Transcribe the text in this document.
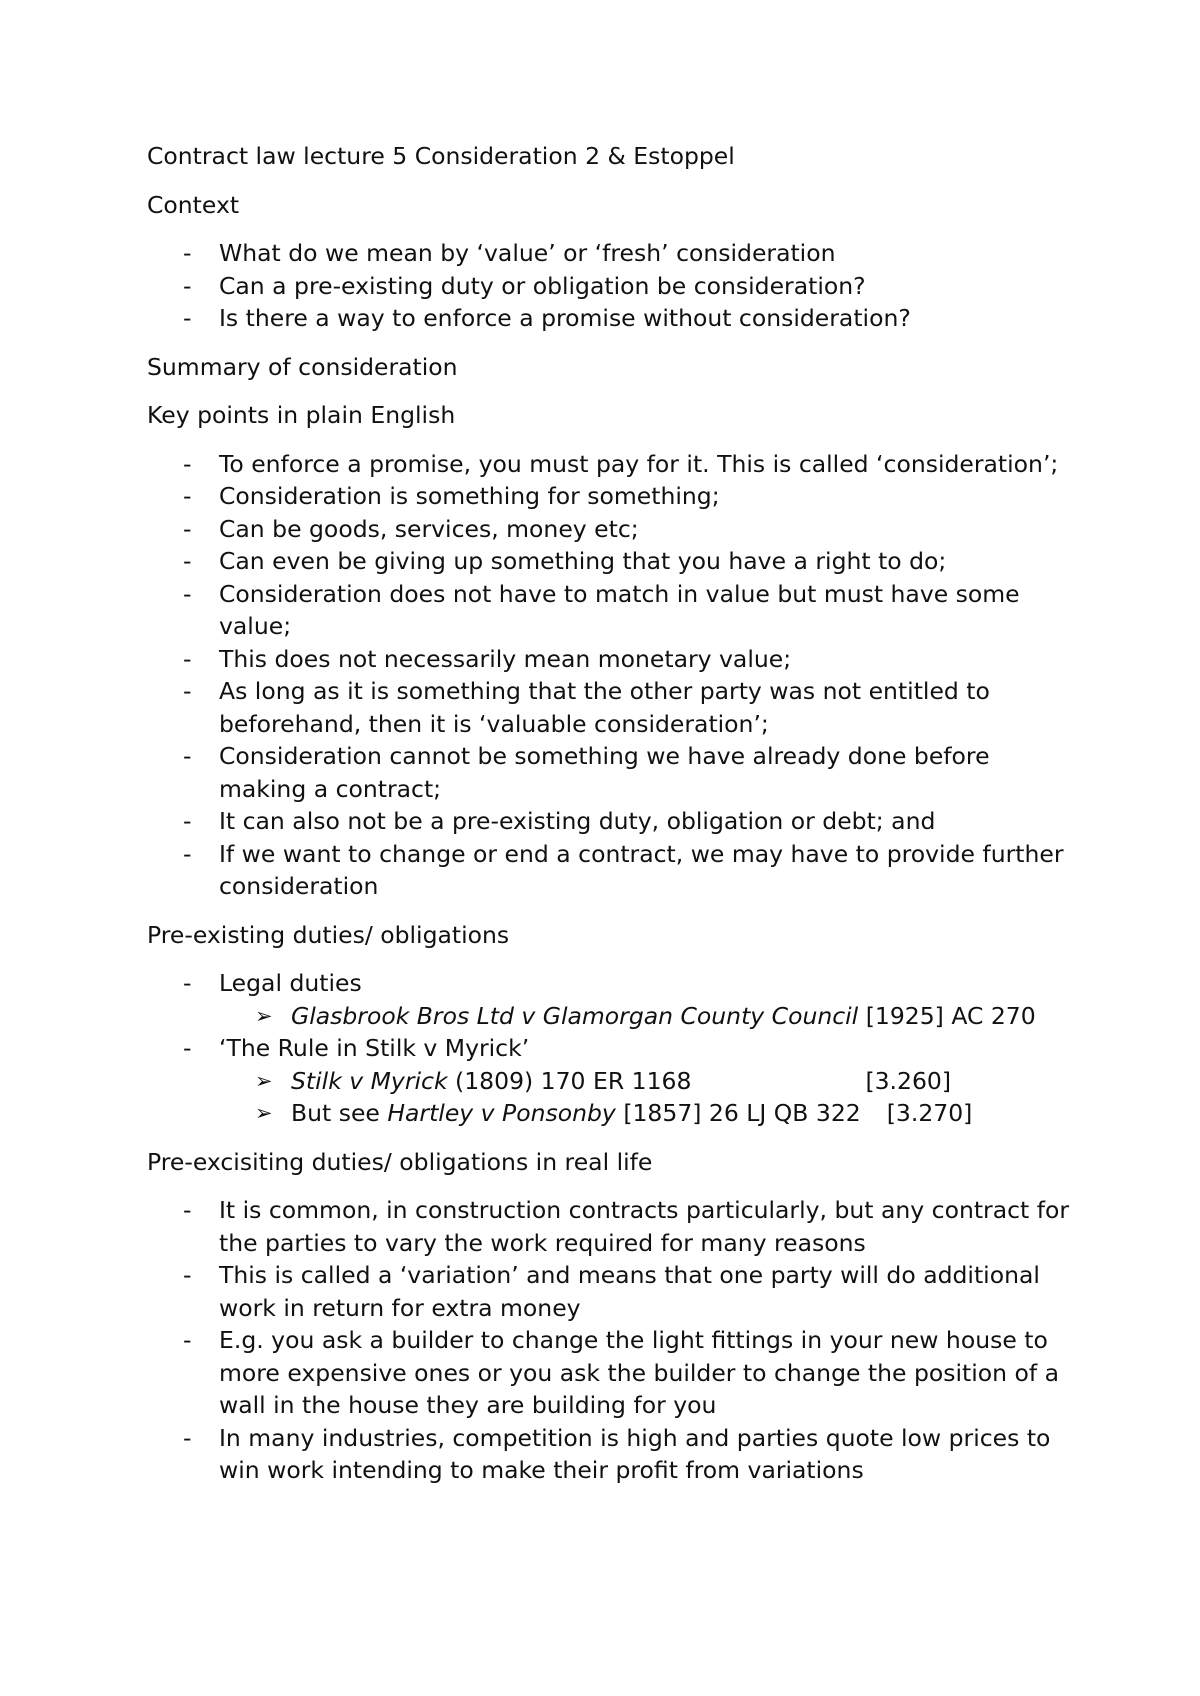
Contract law lecture 5 Consideration 2 & Estoppel

Context

- What do we mean by ‘value’ or ‘fresh’ consideration
- Can a pre-existing duty or obligation be consideration?
- Is there a way to enforce a promise without consideration?

Summary of consideration

Key points in plain English

- To enforce a promise, you must pay for it. This is called ‘consideration’;
- Consideration is something for something;
- Can be goods, services, money etc;
- Can even be giving up something that you have a right to do;
- Consideration does not have to match in value but must have some value;
- This does not necessarily mean monetary value;
- As long as it is something that the other party was not entitled to beforehand, then it is ‘valuable consideration’;
- Consideration cannot be something we have already done before making a contract;
- It can also not be a pre-existing duty, obligation or debt; and
- If we want to change or end a contract, we may have to provide further consideration

Pre-existing duties/ obligations

- Legal duties
➢ Glasbrook Bros Ltd v Glamorgan County Council [1925] AC 270
- ‘The Rule in Stilk v Myrick’
➢ Stilk v Myrick (1809) 170 ER 1168	[3.260]
➢ But see Hartley v Ponsonby [1857] 26 LJ QB 322 [3.270]

Pre-excisiting duties/ obligations in real life

- It is common, in construction contracts particularly, but any contract for the parties to vary the work required for many reasons
- This is called a ‘variation’ and means that one party will do additional work in return for extra money
- E.g. you ask a builder to change the light fittings in your new house to more expensive ones or you ask the builder to change the position of a wall in the house they are building for you
- In many industries, competition is high and parties quote low prices to win work intending to make their profit from variations
